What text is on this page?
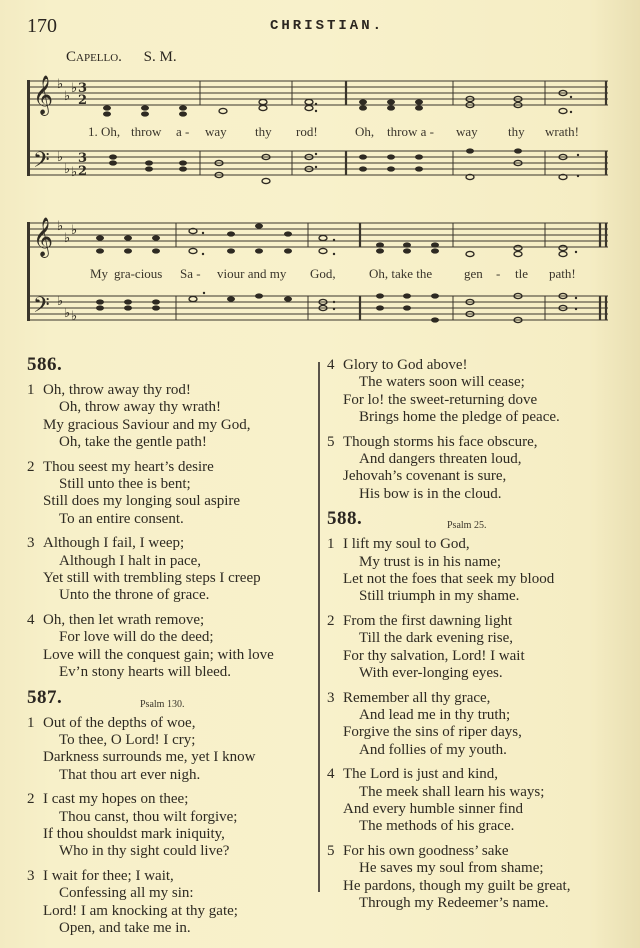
170	CHRISTIAN.
Capello. S. M.
𝄞
𝄢
𝄞
𝄢
♭
♭
♭
♭
♭ ♭
♭
♭
♭
♭
♭ ♭
3
2
3
2
1. Oh, throw a - way thy rod!	Oh, throw a - way thy wrath!
My gra-cious Sa - viour and my God,	Oh, take the gen - tle path!
586.
1 Oh, throw away thy rod!
Oh, throw away thy wrath!
My gracious Saviour and my God,
Oh, take the gentle path!
2 Thou seest my heart’s desire
Still unto thee is bent;
Still does my longing soul aspire
To an entire consent.
3 Although I fail, I weep;
Although I halt in pace,
Yet still with trembling steps I creep
Unto the throne of grace.
4 Oh, then let wrath remove;
For love will do the deed;
Love will the conquest gain; with love
Ev’n stony hearts will bleed.
587.	Psalm 130.
1 Out of the depths of woe,
To thee, O Lord! I cry;
Darkness surrounds me, yet I know
That thou art ever nigh.
2 I cast my hopes on thee;
Thou canst, thou wilt forgive;
If thou shouldst mark iniquity,
Who in thy sight could live?
3 I wait for thee; I wait,
Confessing all my sin:
Lord! I am knocking at thy gate;
Open, and take me in.
4 Glory to God above!
The waters soon will cease;
For lo! the sweet-returning dove
Brings home the pledge of peace.
5 Though storms his face obscure,
And dangers threaten loud,
Jehovah’s covenant is sure,
His bow is in the cloud.
588.	Psalm 25.
1 I lift my soul to God,
My trust is in his name;
Let not the foes that seek my blood
Still triumph in my shame.
2 From the first dawning light
Till the dark evening rise,
For thy salvation, Lord! I wait
With ever-longing eyes.
3 Remember all thy grace,
And lead me in thy truth;
Forgive the sins of riper days,
And follies of my youth.
4 The Lord is just and kind,
The meek shall learn his ways;
And every humble sinner find
The methods of his grace.
5 For his own goodness’ sake
He saves my soul from shame;
He pardons, though my guilt be great,
Through my Redeemer’s name.
